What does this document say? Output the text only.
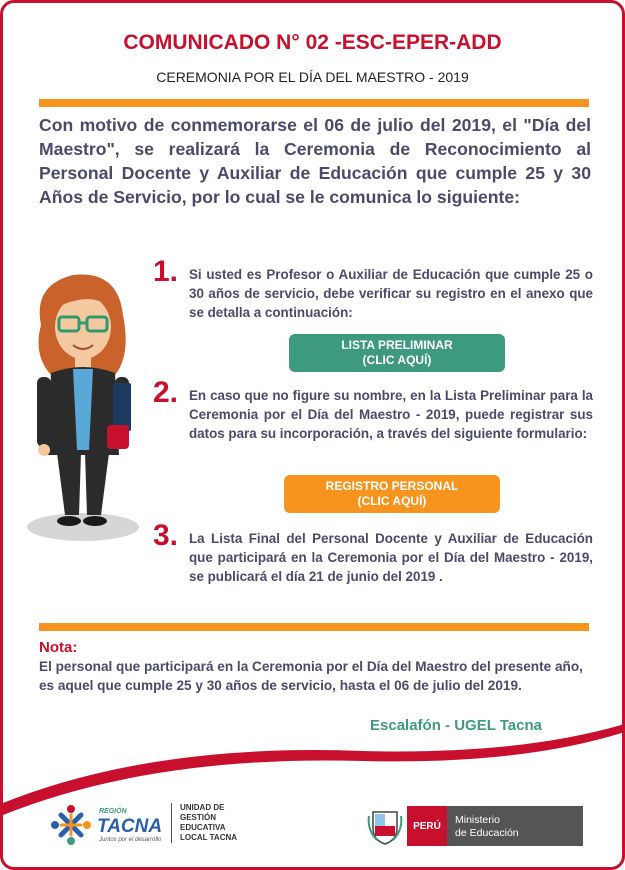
COMUNICADO N° 02 -ESC-EPER-ADD
CEREMONIA POR EL DÍA DEL MAESTRO - 2019
Con motivo de conmemorarse el 06 de julio del 2019, el "Día del Maestro", se realizará la Ceremonia de Reconocimiento al Personal Docente y Auxiliar de Educación que cumple 25 y 30 Años de Servicio, por lo cual se le comunica lo siguiente:
1. Si usted es Profesor o Auxiliar de Educación que cumple 25 o 30 años de servicio, debe verificar su registro en el anexo que se detalla a continuación:
LISTA PRELIMINAR
(CLIC AQUÍ)
2. En caso que no figure su nombre, en la Lista Preliminar para la Ceremonia por el Día del Maestro - 2019, puede registrar sus datos para su incorporación, a través del siguiente formulario:
REGISTRO PERSONAL
(CLIC AQUÍ)
3. La Lista Final del Personal Docente y Auxiliar de Educación que participará en la Ceremonia por el Día del Maestro - 2019, se publicará el día 21 de junio del 2019 .
Nota:
El personal que participará en la Ceremonia por el Día del Maestro del presente año, es aquel que cumple 25 y 30 años de servicio, hasta el 06 de julio del 2019.
Escalafón - UGEL Tacna
REGIÓN
TACNA
Juntos por el desarrollo
UNIDAD DE
GESTIÓN
EDUCATIVA
LOCAL TACNA
PERÚ	Ministerio
de Educación
